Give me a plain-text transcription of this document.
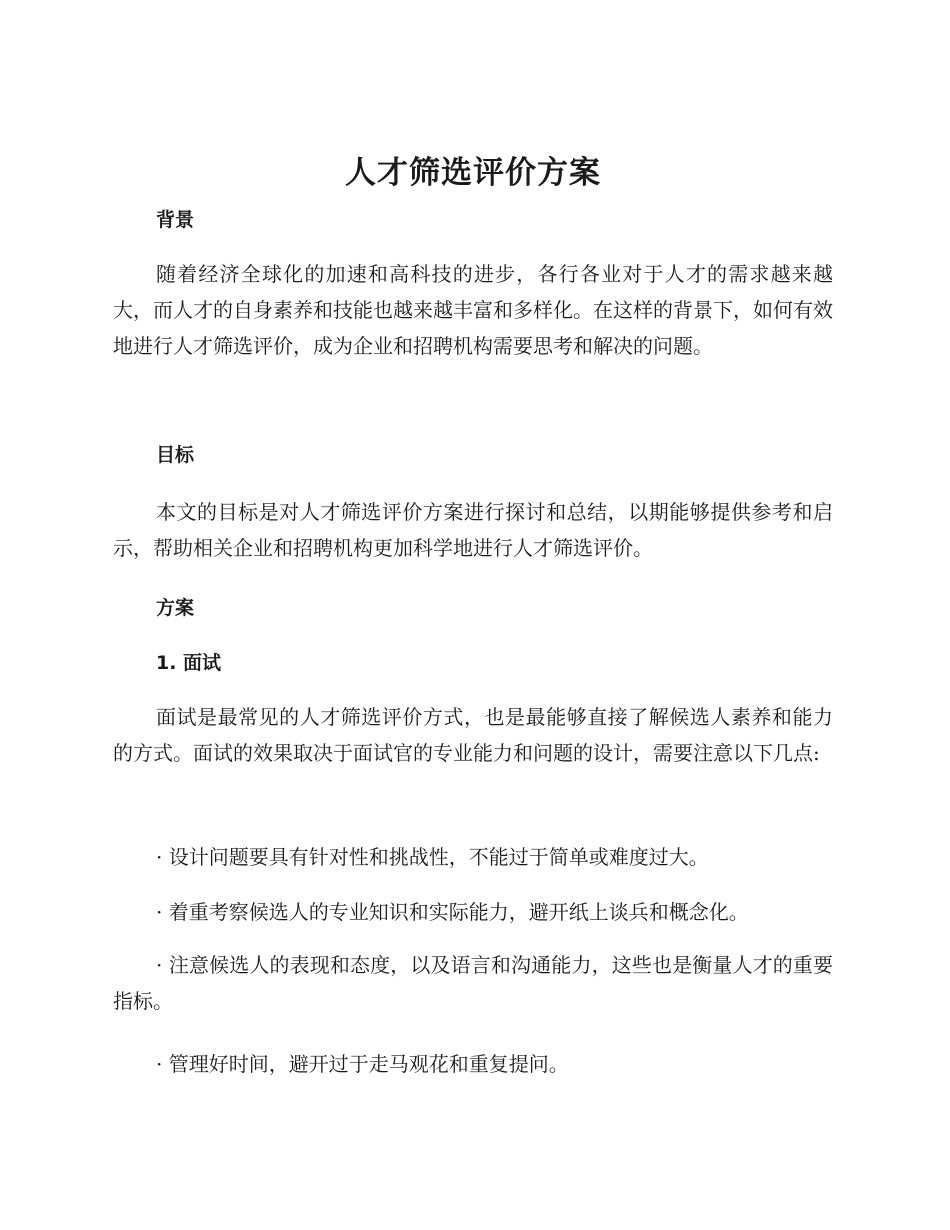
人才筛选评价方案
背景

随着经济全球化的加速和高科技的进步，各行各业对于人才的需求越来越大，而人才的自身素养和技能也越来越丰富和多样化。在这样的背景下，如何有效地进行人才筛选评价，成为企业和招聘机构需要思考和解决的问题。

目标

本文的目标是对人才筛选评价方案进行探讨和总结，以期能够提供参考和启示，帮助相关企业和招聘机构更加科学地进行人才筛选评价。

方案
1. 面试

面试是最常见的人才筛选评价方式，也是最能够直接了解候选人素养和能力的方式。面试的效果取决于面试官的专业能力和问题的设计，需要注意以下几点:

· 设计问题要具有针对性和挑战性，不能过于简单或难度过大。

· 着重考察候选人的专业知识和实际能力，避开纸上谈兵和概念化。

· 注意候选人的表现和态度，以及语言和沟通能力，这些也是衡量人才的重要指标。

· 管理好时间，避开过于走马观花和重复提问。
